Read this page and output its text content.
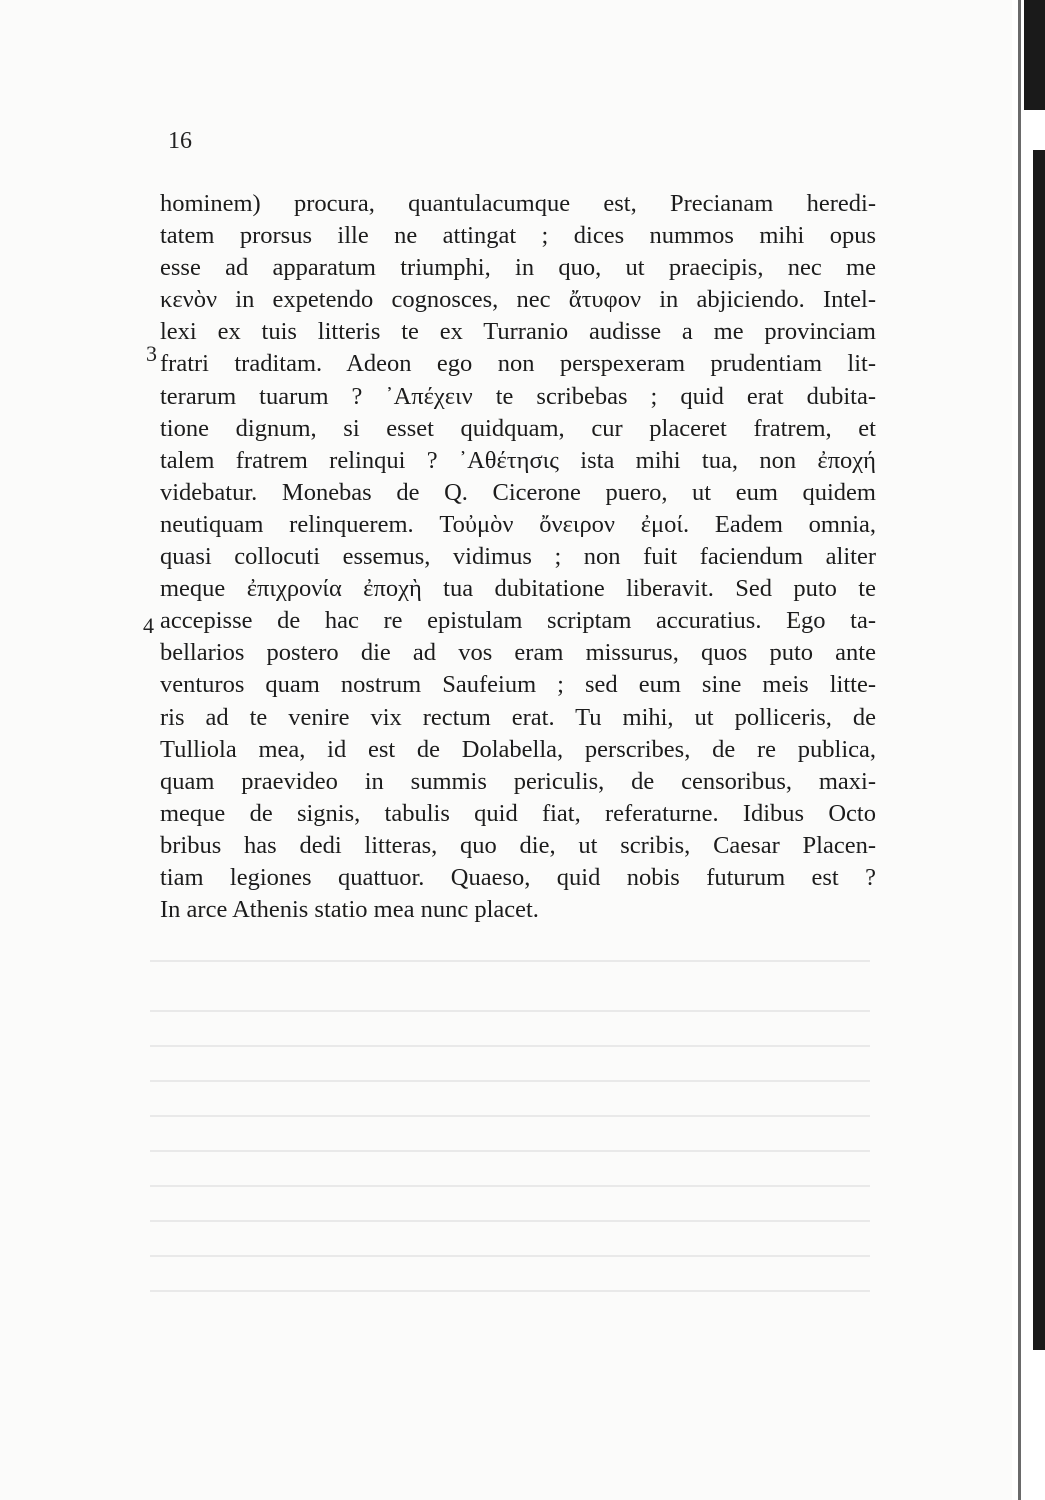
16
3
4
hominem) procura, quantulacumque est, Precianam heredi-
tatem prorsus ille ne attingat ; dices nummos mihi opus
esse ad apparatum triumphi, in quo, ut praecipis, nec me
κενὸν in expetendo cognosces, nec ἄτυφον in abjiciendo. Intel-
lexi ex tuis litteris te ex Turranio audisse a me provinciam
fratri traditam. Adeon ego non perspexeram prudentiam lit-
terarum tuarum ? ᾽Απέχειν te scribebas ; quid erat dubita-
tione dignum, si esset quidquam, cur placeret fratrem, et
talem fratrem relinqui ? ᾽Αθέτησις ista mihi tua, non ἐποχή
videbatur. Monebas de Q. Cicerone puero, ut eum quidem
neutiquam relinquerem. Τοὐμὸν ὄνειρον ἐμοί. Eadem omnia,
quasi collocuti essemus, vidimus ; non fuit faciendum aliter
meque ἐπιχρονία ἐποχὴ tua dubitatione liberavit. Sed puto te
accepisse de hac re epistulam scriptam accuratius. Ego ta-
bellarios postero die ad vos eram missurus, quos puto ante
venturos quam nostrum Saufeium ; sed eum sine meis litte-
ris ad te venire vix rectum erat. Tu mihi, ut polliceris, de
Tulliola mea, id est de Dolabella, perscribes, de re publica,
quam praevideo in summis periculis, de censoribus, maxi-
meque de signis, tabulis quid fiat, referaturne. Idibus Octo
bribus has dedi litteras, quo die, ut scribis, Caesar Placen-
tiam legiones quattuor. Quaeso, quid nobis futurum est ?
In arce Athenis statio mea nunc placet.
